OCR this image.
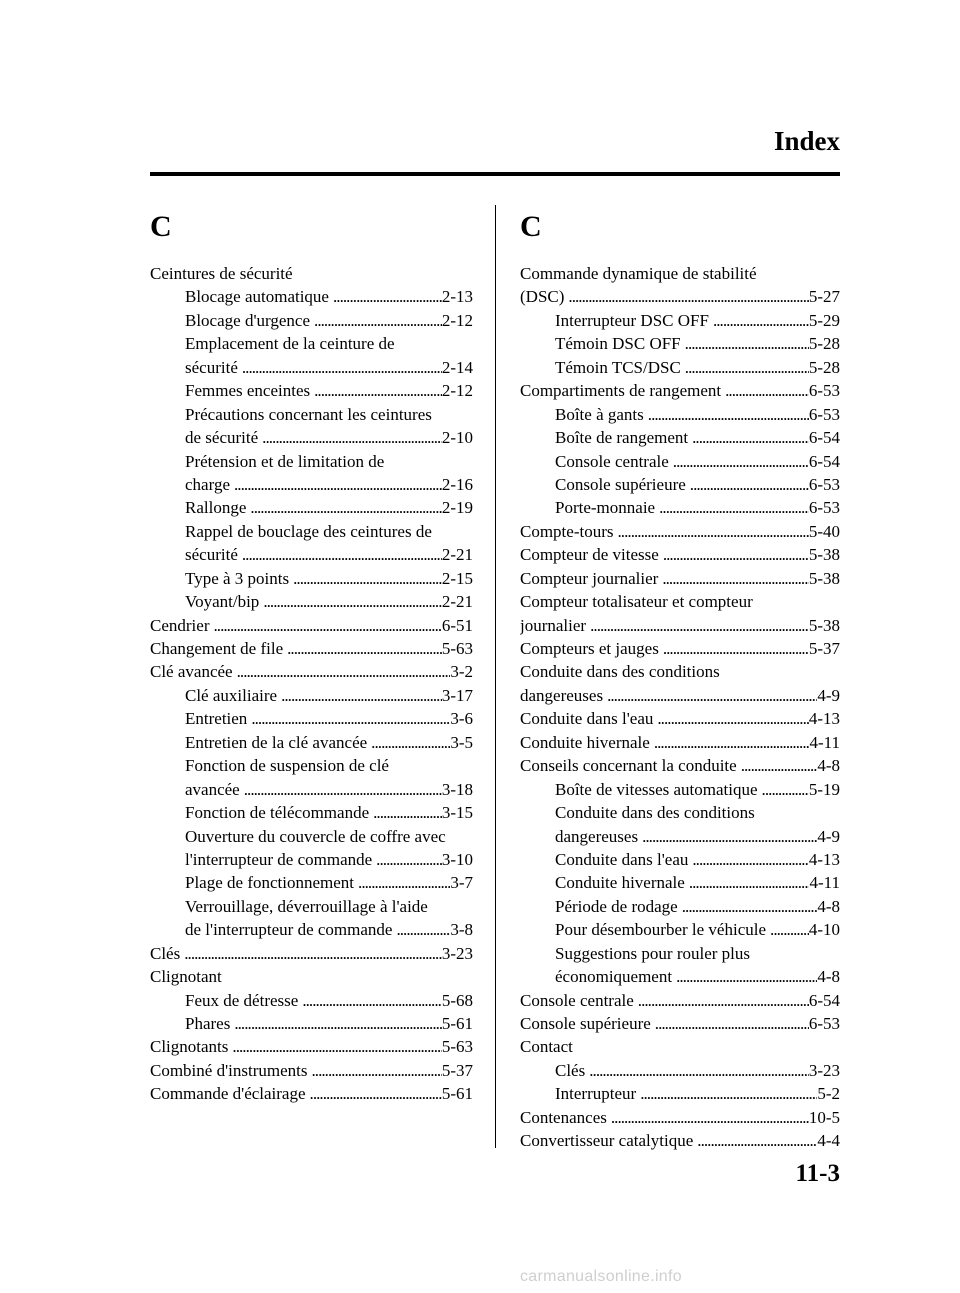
Index
C
Ceintures de sécurité
Blocage automatique . . .	2-13
Blocage d'urgence . . .	2-12
Emplacement de la ceinture de
sécurité . . .	2-14
Femmes enceintes . . .	2-12
Précautions concernant les ceintures
de sécurité . . .	2-10
Prétension et de limitation de
charge . . .	2-16
Rallonge . . .	2-19
Rappel de bouclage des ceintures de
sécurité . . .	2-21
Type à 3 points . . .	2-15
Voyant/bip . . .	2-21
Cendrier . . .	6-51
Changement de file . . .	5-63
Clé avancée . . .	3-2
Clé auxiliaire . . .	3-17
Entretien . . .	3-6
Entretien de la clé avancée . . .	3-5
Fonction de suspension de clé
avancée . . .	3-18
Fonction de télécommande . . .	3-15
Ouverture du couvercle de coffre avec
l'interrupteur de commande . . .	3-10
Plage de fonctionnement . . .	3-7
Verrouillage, déverrouillage à l'aide
de l'interrupteur de commande . . .	3-8
Clés . . .	3-23
Clignotant
Feux de détresse . . .	5-68
Phares . . .	5-61
Clignotants . . .	5-63
Combiné d'instruments . . .	5-37
Commande d'éclairage . . .	5-61
C
Commande dynamique de stabilité
(DSC) . . .	5-27
Interrupteur DSC OFF . . .	5-29
Témoin DSC OFF . . .	5-28
Témoin TCS/DSC . . .	5-28
Compartiments de rangement . . .	6-53
Boîte à gants . . .	6-53
Boîte de rangement . . .	6-54
Console centrale . . .	6-54
Console supérieure . . .	6-53
Porte-monnaie . . .	6-53
Compte-tours . . .	5-40
Compteur de vitesse . . .	5-38
Compteur journalier . . .	5-38
Compteur totalisateur et compteur
journalier . . .	5-38
Compteurs et jauges . . .	5-37
Conduite dans des conditions
dangereuses . . .	4-9
Conduite dans l'eau . . .	4-13
Conduite hivernale . . .	4-11
Conseils concernant la conduite . . .	4-8
Boîte de vitesses automatique . . .	5-19
Conduite dans des conditions
dangereuses . . .	4-9
Conduite dans l'eau . . .	4-13
Conduite hivernale . . .	4-11
Période de rodage . . .	4-8
Pour désembourber le véhicule . . .	4-10
Suggestions pour rouler plus
économiquement . . .	4-8
Console centrale . . .	6-54
Console supérieure . . .	6-53
Contact
Clés . . .	3-23
Interrupteur . . .	5-2
Contenances . . .	10-5
Convertisseur catalytique . . .	4-4
11-3
carmanualsonline.info
